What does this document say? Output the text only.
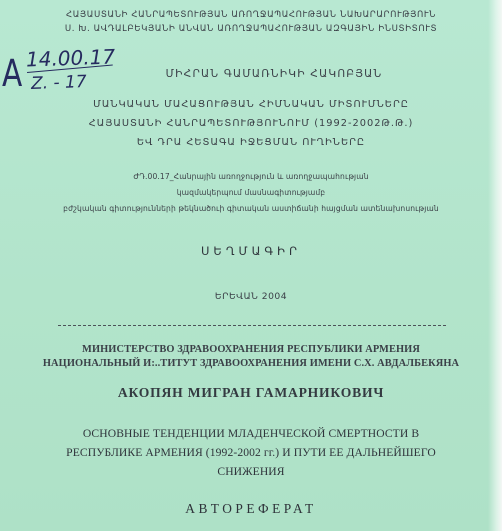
ՀԱՅԱՍՏԱՆԻ ՀԱՆՐԱՊԵՏՈՒԹՅԱՆ ԱՌՈՂՋԱՊԱՀՈՒԹՅԱՆ ՆԱԽԱՐԱՐՈՒԹՅՈՒՆ
Ս. Խ. ԱՎԴԱԼԲԵԿՅԱՆԻ ԱՆՎԱՆ ԱՌՈՂՋԱՊԱՀՈՒԹՅԱՆ ԱԶԳԱՅԻՆ ԻՆՍՏԻՏՈՒՏ
ՄԻՀՐԱՆ ԳԱՄԱՌՆԻԿԻ ՀԱԿՈԲՅԱՆ
ՄԱՆԿԱԿԱՆ ՄԱՀԱՑՈՒԹՅԱՆ ՀԻՄՆԱԿԱՆ ՄԻՏՈՒՄՆԵՐԸ
ՀԱՅԱՍՏԱՆԻ ՀԱՆՐԱՊԵՏՈՒԹՅՈՒՆՈՒՄ (1992-2002Թ.Թ.)
ԵՎ ԴՐԱ ՀԵՏԱԳԱ ԻՋԵՑՄԱՆ ՈՒՂԻՆԵՐԸ
ԺԴ.00.17_Հանրային առողջություն և առողջապահության
կազմակերպում մասնագիտությամբ
բժշկական գիտությունների թեկնածուի գիտական աստիճանի հայցման ատենախոսության
ՍԵՂՄԱԳԻՐ
ԵՐԵՎԱՆ 2004
МИНИСТЕРСТВО ЗДРАВООХРАНЕНИЯ РЕСПУБЛИКИ АРМЕНИЯ
НАЦИОНАЛЬНЫЙ И:..ТИТУТ ЗДРАВООХРАНЕНИЯ ИМЕНИ С.Х. АВДАЛБЕКЯНА
АКОПЯН МИГРАН ГАМАРНИКОВИЧ
ОСНОВНЫЕ ТЕНДЕНЦИИ МЛАДЕНЧЕСКОЙ СМЕРТНОСТИ В
РЕСПУБЛИКЕ АРМЕНИЯ (1992-2002 гг.) И ПУТИ ЕЕ ДАЛЬНЕЙШЕГО
СНИЖЕНИЯ
АВТОРЕФЕРАТ
A 14.00.17
Z. - 17
